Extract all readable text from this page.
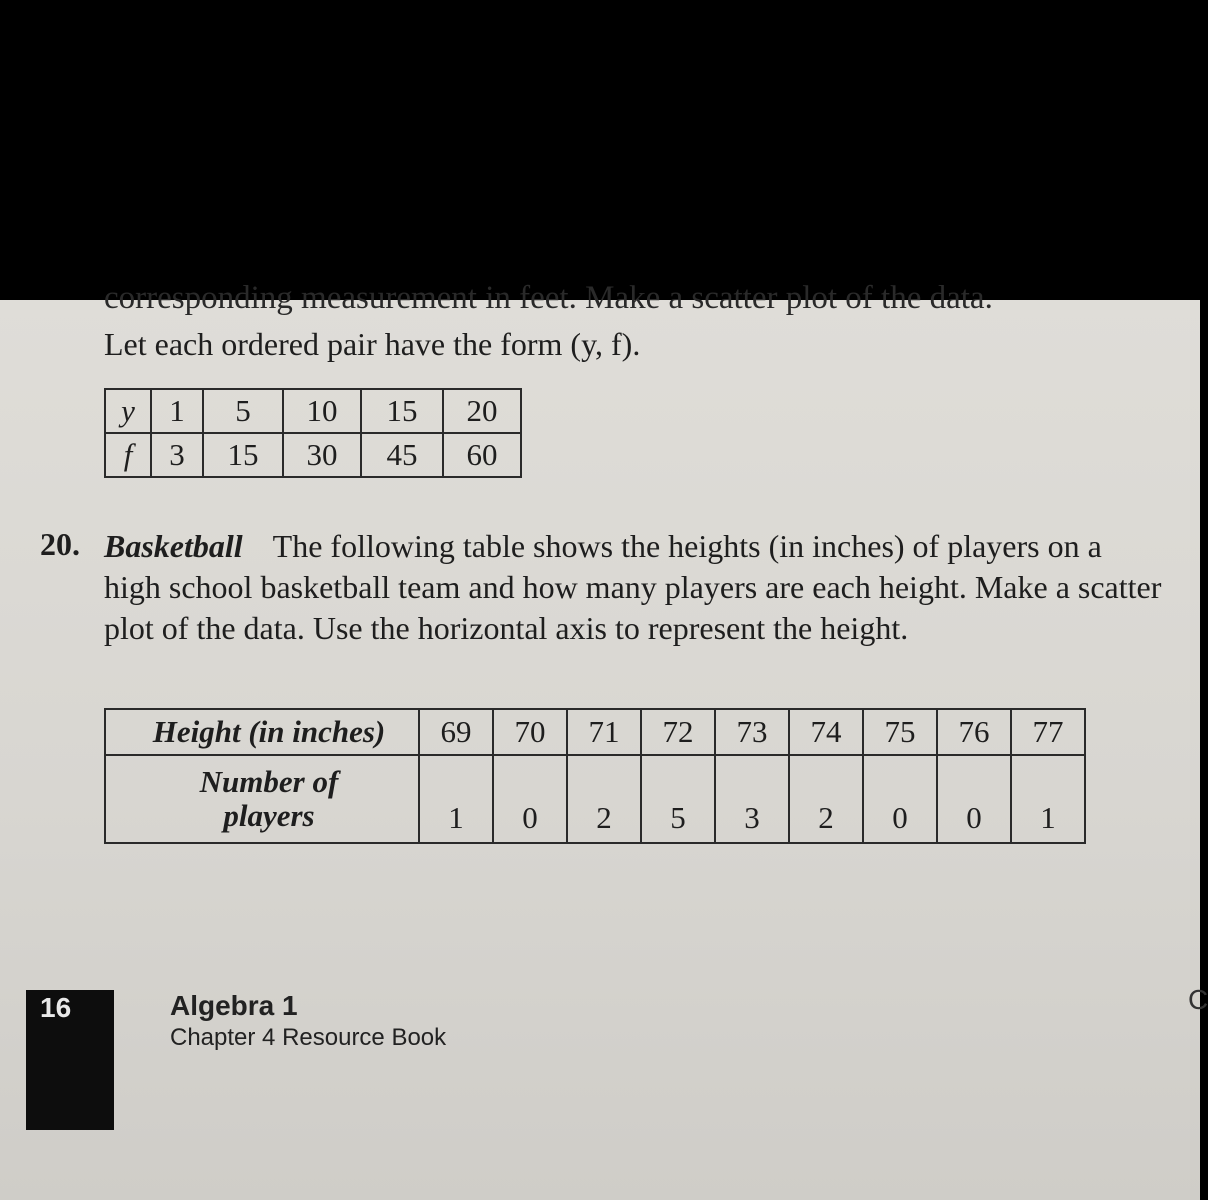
corresponding measurement in feet. Make a scatter plot of the data.
Let each ordered pair have the form (y, f).
y	1	5	10	15	20
f	3	15	30	45	60
20. Basketball The following table shows the heights (in inches) of players on a high school basketball team and how many players are each height. Make a scatter plot of the data. Use the horizontal axis to represent the height.
Height (in inches)	69	70	71	72	73	74	75	76	77
Number of
players	1	0	2	5	3	2	0	0	1
16	Algebra 1
Chapter 4 Resource Book
C
